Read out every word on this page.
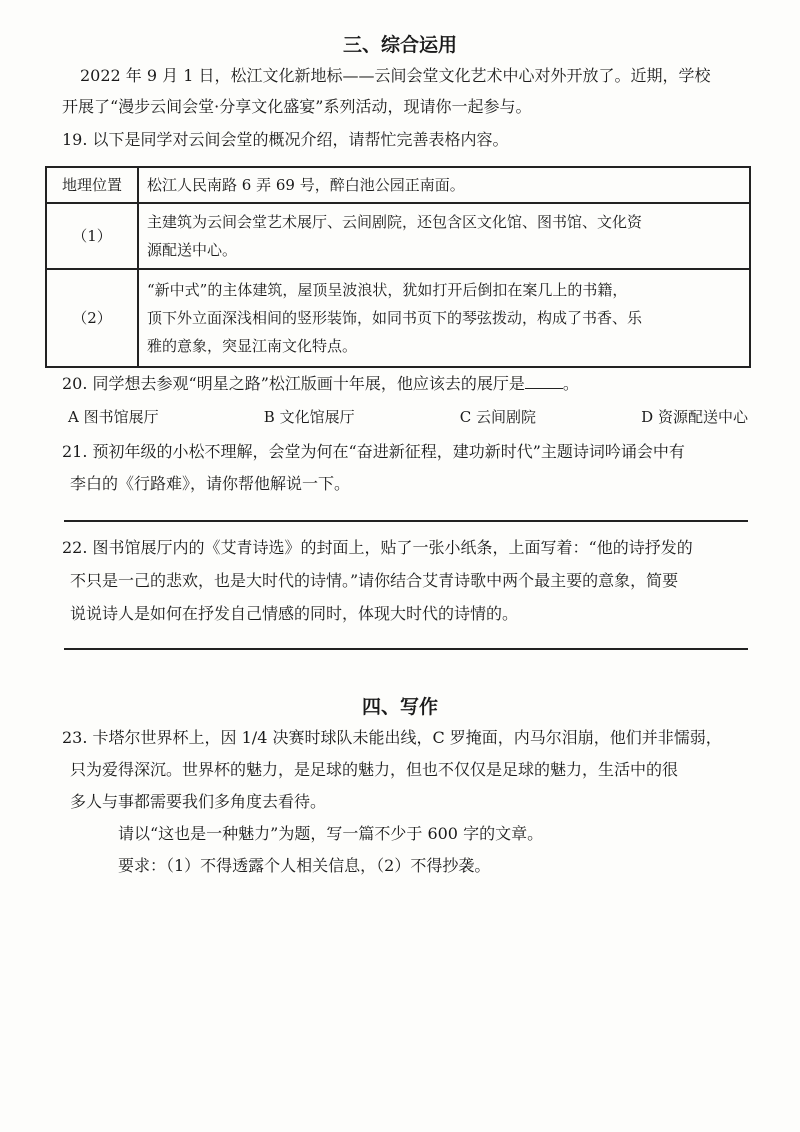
三、综合运用
2022 年 9 月 1 日，松江文化新地标——云间会堂文化艺术中心对外开放了。近期，学校
开展了“漫步云间会堂·分享文化盛宴”系列活动，现请你一起参与。
19. 以下是同学对云间会堂的概况介绍，请帮忙完善表格内容。
地理位置	松江人民南路 6 弄 69 号，醉白池公园正南面。

（1）	主建筑为云间会堂艺术展厅、云间剧院，还包含区文化馆、图书馆、文化资
源配送中心。

（2）	“新中式”的主体建筑，屋顶呈波浪状，犹如打开后倒扣在案几上的书籍，
顶下外立面深浅相间的竖形装饰，如同书页下的琴弦拨动，构成了书香、乐
雅的意象，突显江南文化特点。
20. 同学想去参观“明星之路”松江版画十年展，他应该去的展厅是 。
A 图书馆展厅	B 文化馆展厅	C 云间剧院	D 资源配送中心
21. 预初年级的小松不理解，会堂为何在“奋进新征程，建功新时代”主题诗词吟诵会中有
李白的《行路难》，请你帮他解说一下。
22. 图书馆展厅内的《艾青诗选》的封面上，贴了一张小纸条，上面写着：“他的诗抒发的
不只是一己的悲欢，也是大时代的诗情。”请你结合艾青诗歌中两个最主要的意象，简要
说说诗人是如何在抒发自己情感的同时，体现大时代的诗情的。
四、写作
23. 卡塔尔世界杯上，因 1/4 决赛时球队未能出线，C 罗掩面，内马尔泪崩，他们并非懦弱，
只为爱得深沉。世界杯的魅力，是足球的魅力，但也不仅仅是足球的魅力，生活中的很
多人与事都需要我们多角度去看待。
请以“这也是一种魅力”为题，写一篇不少于 600 字的文章。
要求：（1）不得透露个人相关信息，（2）不得抄袭。
